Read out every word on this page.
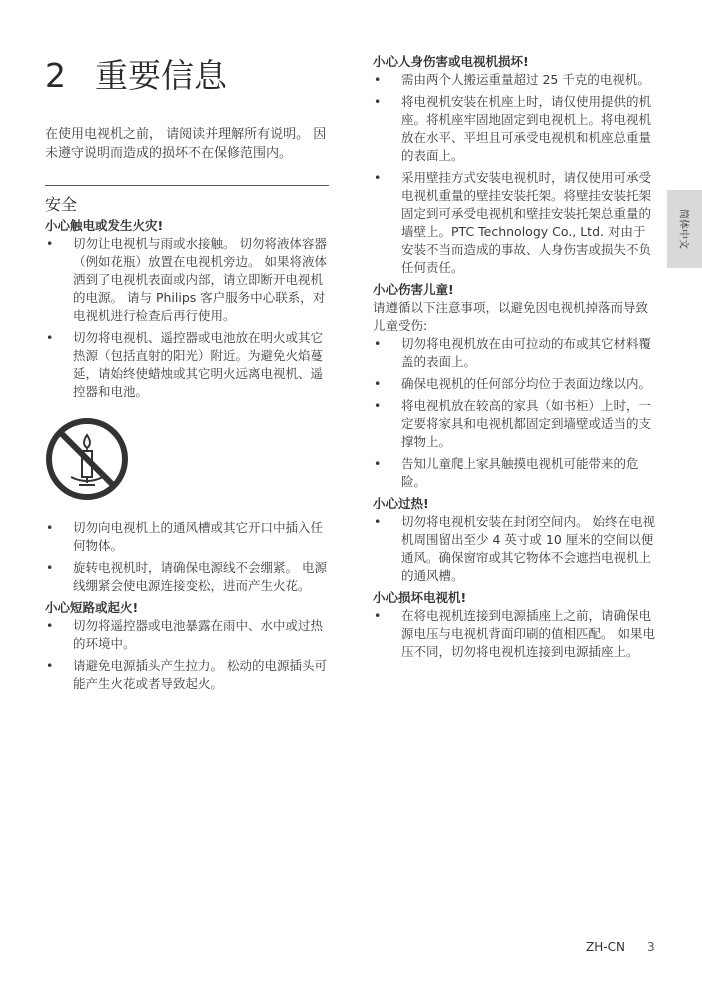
2 重要信息

在使用电视机之前， 请阅读并理解所有说明。 因未遵守说明而造成的损坏不在保修范围内。

安全
小心触电或发生火灾!
• 切勿让电视机与雨或水接触。 切勿将液体容器（例如花瓶）放置在电视机旁边。 如果将液体洒到了电视机表面或内部，请立即断开电视机的电源。 请与 Philips 客户服务中心联系，对电视机进行检查后再行使用。
• 切勿将电视机、遥控器或电池放在明火或其它热源（包括直射的阳光）附近。为避免火焰蔓延，请始终使蜡烛或其它明火远离电视机、遥控器和电池。
• 切勿向电视机上的通风槽或其它开口中插入任何物体。
• 旋转电视机时，请确保电源线不会绷紧。 电源线绷紧会使电源连接变松，进而产生火花。
小心短路或起火!
• 切勿将遥控器或电池暴露在雨中、水中或过热的环境中。
• 请避免电源插头产生拉力。 松动的电源插头可能产生火花或者导致起火。
小心人身伤害或电视机损坏!
• 需由两个人搬运重量超过 25 千克的电视机。
• 将电视机安装在机座上时，请仅使用提供的机座。将机座牢固地固定到电视机上。将电视机放在水平、平坦且可承受电视机和机座总重量的表面上。
• 采用壁挂方式安装电视机时，请仅使用可承受电视机重量的壁挂安装托架。将壁挂安装托架固定到可承受电视机和壁挂安装托架总重量的墙壁上。PTC Technology Co., Ltd. 对由于安装不当而造成的事故、人身伤害或损失不负任何责任。
小心伤害儿童!
请遵循以下注意事项，以避免因电视机掉落而导致儿童受伤:
• 切勿将电视机放在由可拉动的布或其它材料覆盖的表面上。
• 确保电视机的任何部分均位于表面边缘以内。
• 将电视机放在较高的家具（如书柜）上时，一定要将家具和电视机都固定到墙壁或适当的支撑物上。
• 告知儿童爬上家具触摸电视机可能带来的危险。
小心过热!
• 切勿将电视机安装在封闭空间内。 始终在电视机周围留出至少 4 英寸或 10 厘米的空间以便通风。确保窗帘或其它物体不会遮挡电视机上的通风槽。
小心损坏电视机!
• 在将电视机连接到电源插座上之前，请确保电源电压与电视机背面印刷的值相匹配。 如果电压不同，切勿将电视机连接到电源插座上。
简体中文
ZH-CN 3
